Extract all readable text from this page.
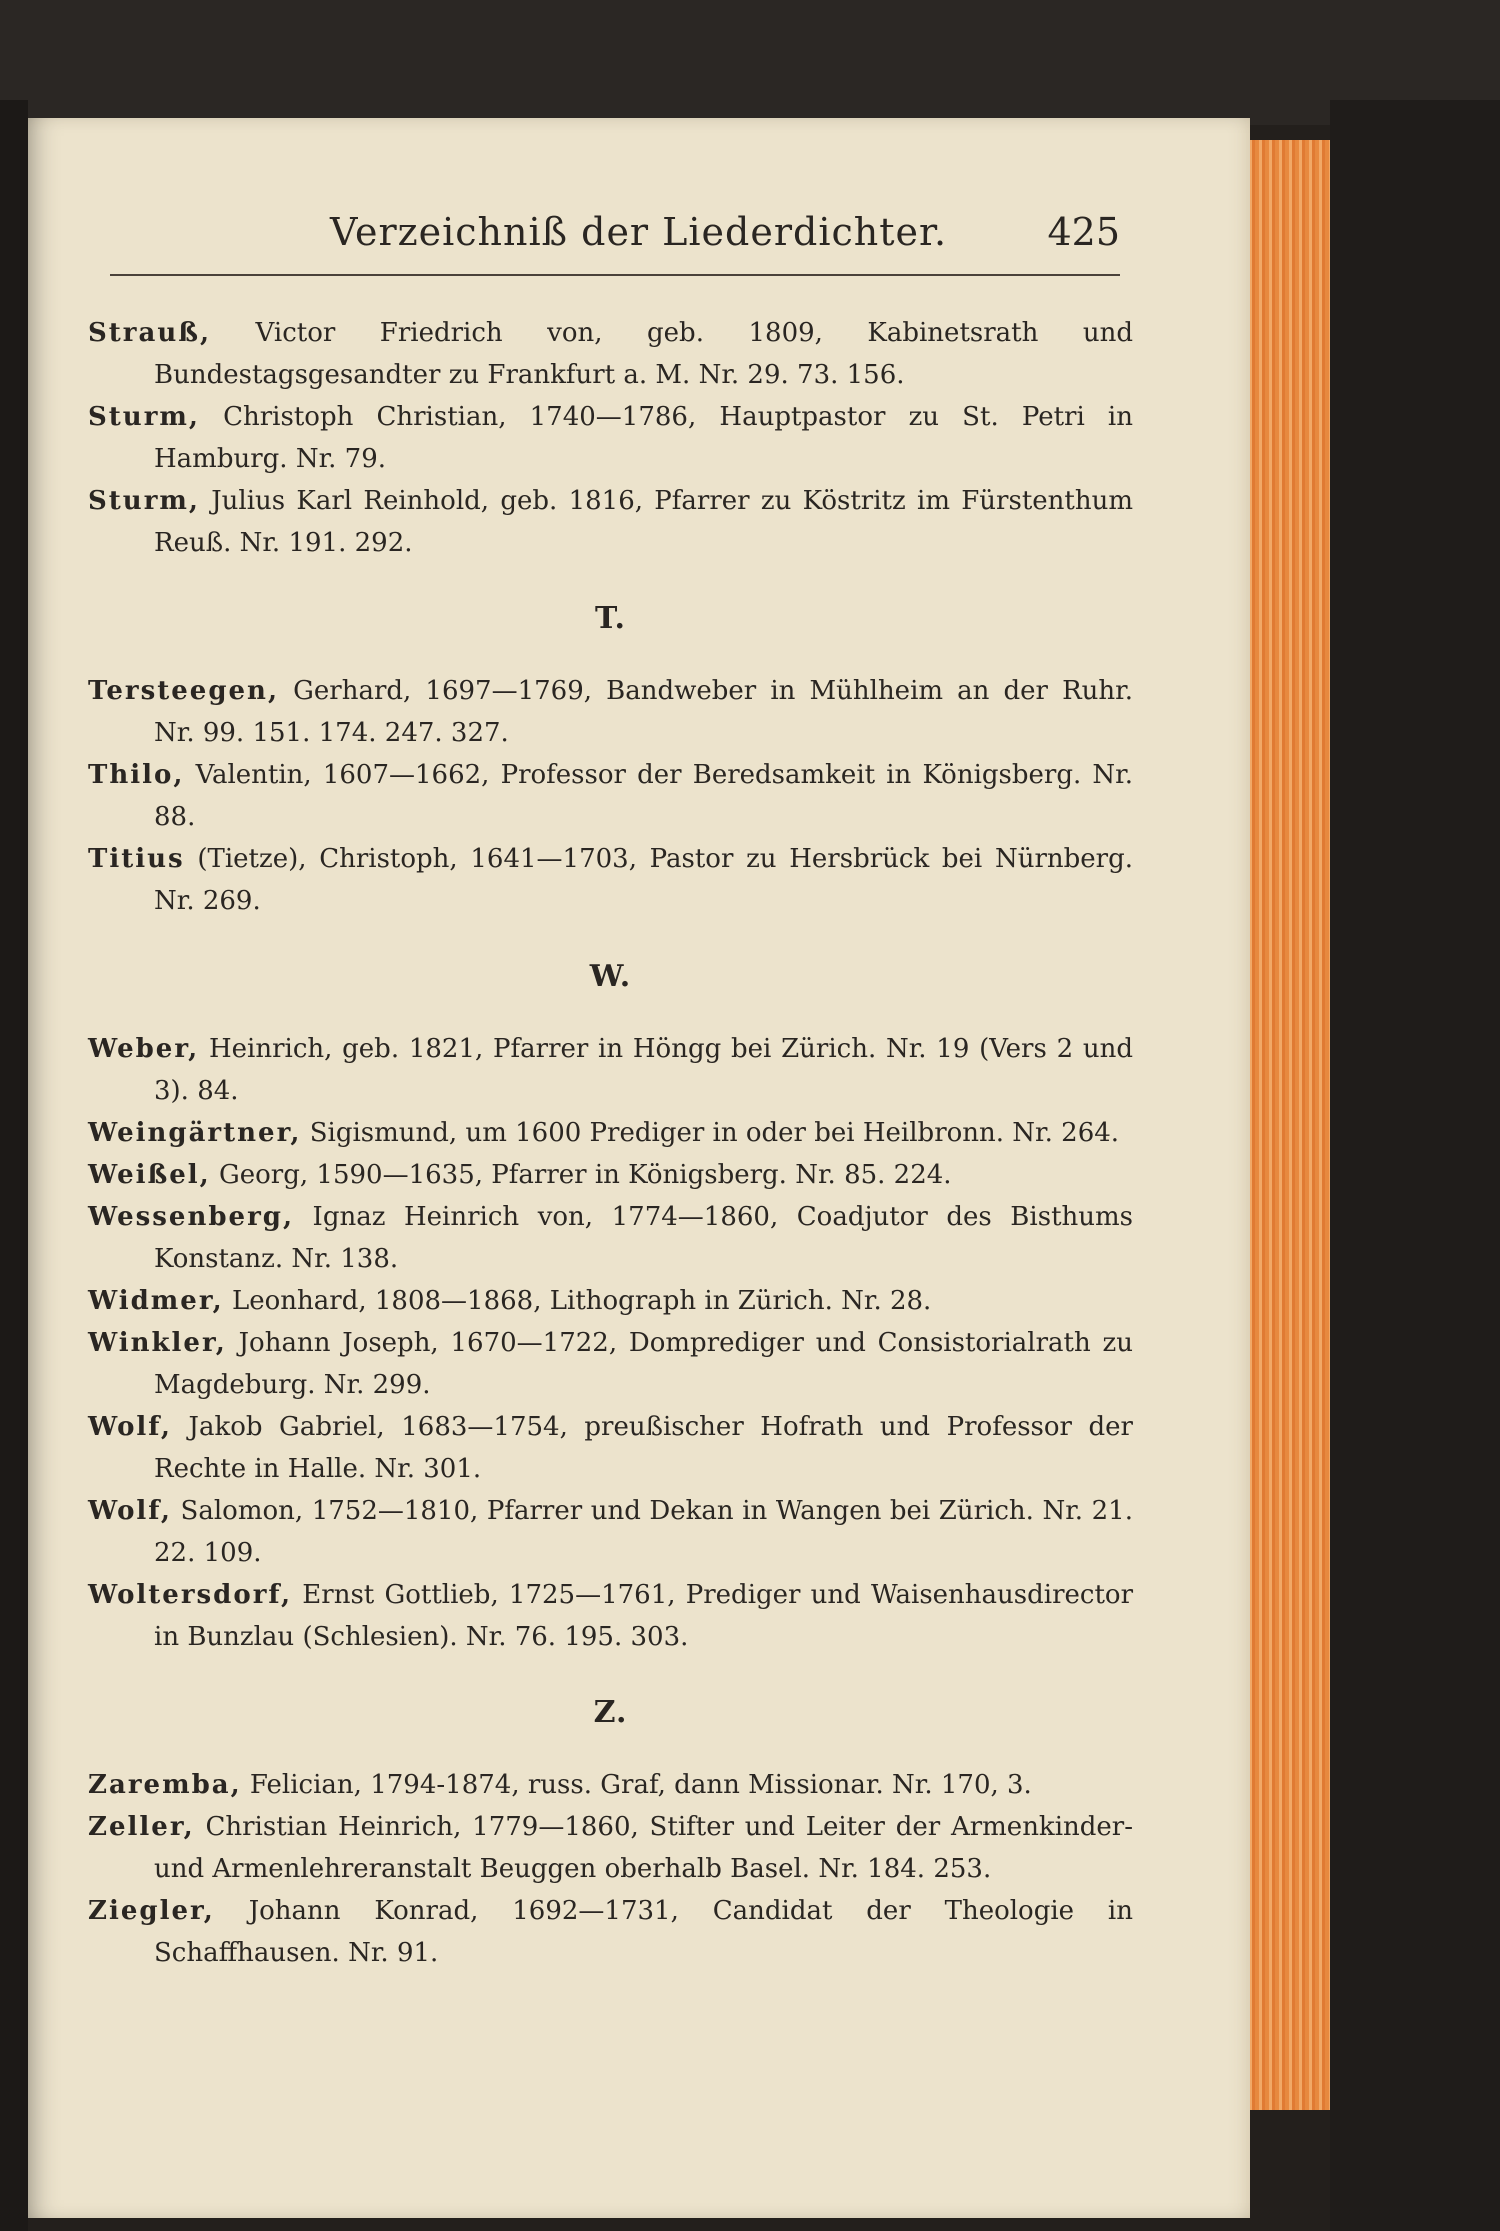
Verzeichniß der Liederdichter.	425
Strauß, Victor Friedrich von, geb. 1809, Kabinetsrath und Bundestagsgesandter zu Frankfurt a. M. Nr. 29. 73. 156.
Sturm, Christoph Christian, 1740—1786, Hauptpastor zu St. Petri in Hamburg. Nr. 79.
Sturm, Julius Karl Reinhold, geb. 1816, Pfarrer zu Köstritz im Fürstenthum Reuß. Nr. 191. 292.
T.
Tersteegen, Gerhard, 1697—1769, Bandweber in Mühlheim an der Ruhr. Nr. 99. 151. 174. 247. 327.
Thilo, Valentin, 1607—1662, Professor der Beredsamkeit in Königsberg. Nr. 88.
Titius (Tietze), Christoph, 1641—1703, Pastor zu Hersbrück bei Nürnberg. Nr. 269.
W.
Weber, Heinrich, geb. 1821, Pfarrer in Höngg bei Zürich. Nr. 19 (Vers 2 und 3). 84.
Weingärtner, Sigismund, um 1600 Prediger in oder bei Heilbronn. Nr. 264.
Weißel, Georg, 1590—1635, Pfarrer in Königsberg. Nr. 85. 224.
Wessenberg, Ignaz Heinrich von, 1774—1860, Coadjutor des Bisthums Konstanz. Nr. 138.
Widmer, Leonhard, 1808—1868, Lithograph in Zürich. Nr. 28.
Winkler, Johann Joseph, 1670—1722, Domprediger und Consistorialrath zu Magdeburg. Nr. 299.
Wolf, Jakob Gabriel, 1683—1754, preußischer Hofrath und Professor der Rechte in Halle. Nr. 301.
Wolf, Salomon, 1752—1810, Pfarrer und Dekan in Wangen bei Zürich. Nr. 21. 22. 109.
Woltersdorf, Ernst Gottlieb, 1725—1761, Prediger und Waisenhausdirector in Bunzlau (Schlesien). Nr. 76. 195. 303.
Z.
Zaremba, Felician, 1794-1874, russ. Graf, dann Missionar. Nr. 170, 3.
Zeller, Christian Heinrich, 1779—1860, Stifter und Leiter der Armenkinder- und Armenlehreranstalt Beuggen oberhalb Basel. Nr. 184. 253.
Ziegler, Johann Konrad, 1692—1731, Candidat der Theologie in Schaffhausen. Nr. 91.
